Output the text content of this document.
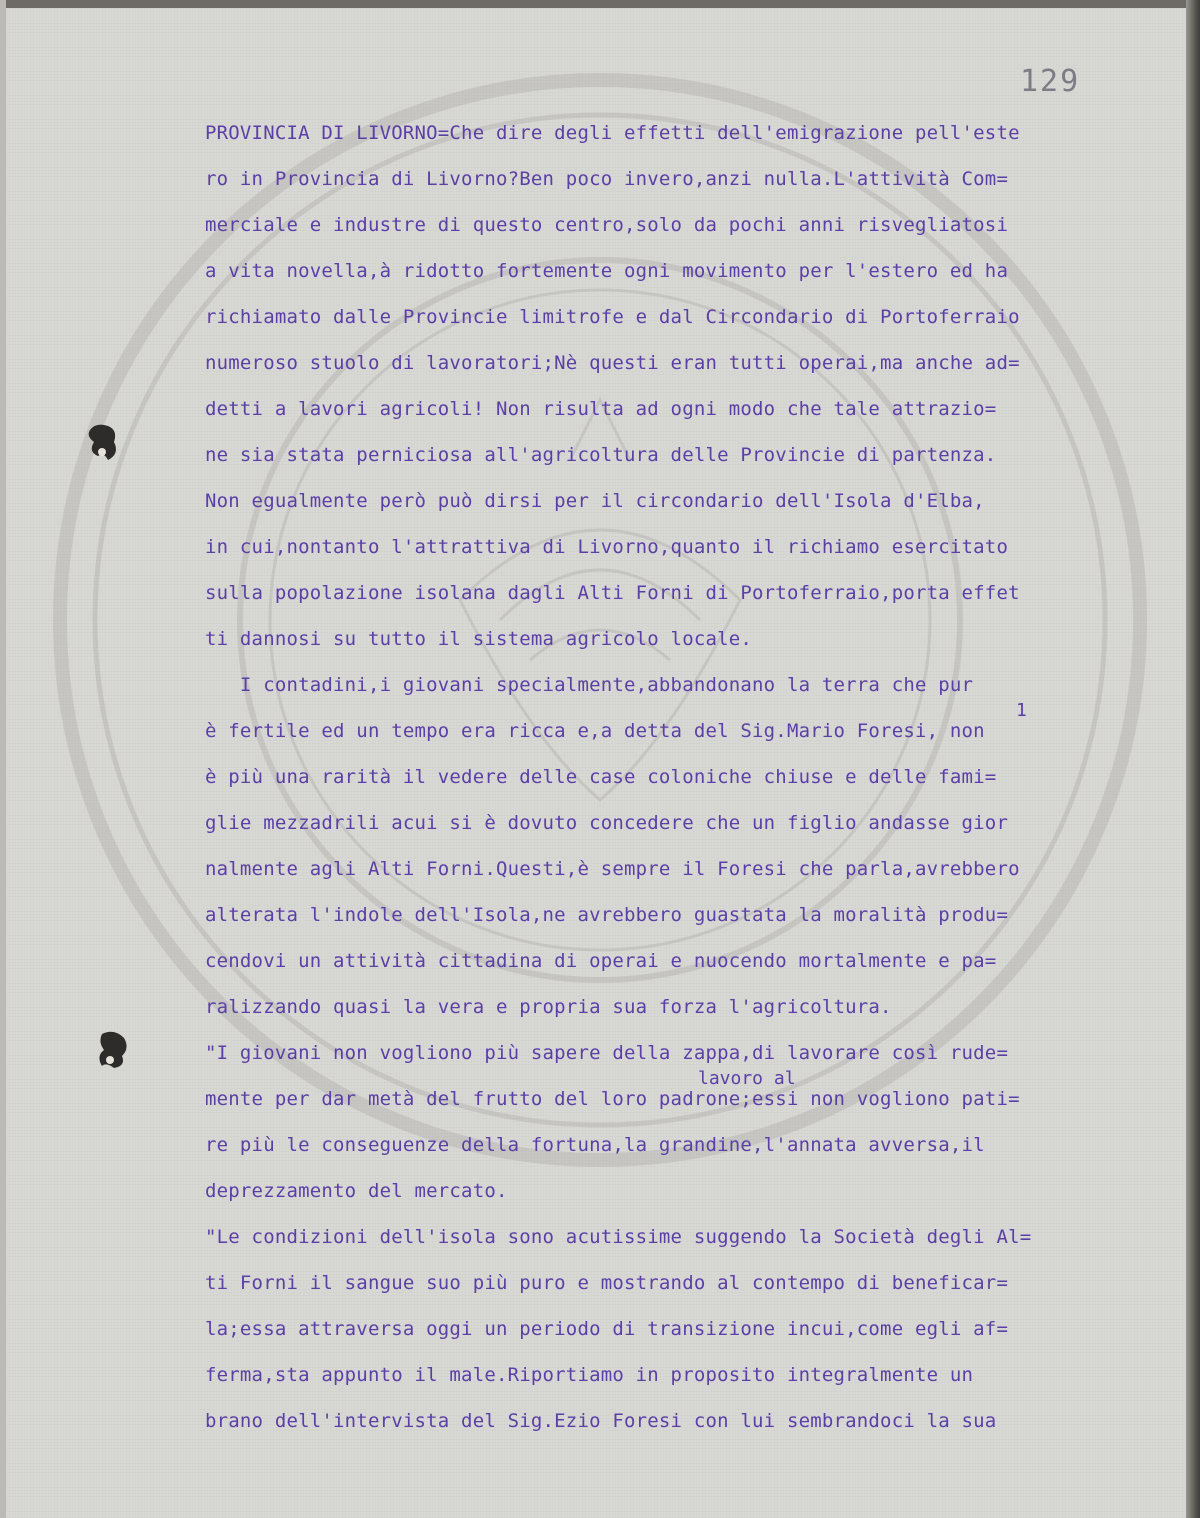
129
PROVINCIA DI LIVORNO=Che dire degli effetti dell'emigrazione pell'este
ro in Provincia di Livorno?Ben poco invero,anzi nulla.L'attività Com=
merciale e industre di questo centro,solo da pochi anni risvegliatosi
a vita novella,à ridotto fortemente ogni movimento per l'estero ed ha
richiamato dalle Provincie limitrofe e dal Circondario di Portoferraio
numeroso stuolo di lavoratori;Nè questi eran tutti operai,ma anche ad=
detti a lavori agricoli! Non risulta ad ogni modo che tale attrazio=
ne sia stata perniciosa all'agricoltura delle Provincie di partenza.
Non egualmente però può dirsi per il circondario dell'Isola d'Elba,
in cui,nontanto l'attrattiva di Livorno,quanto il richiamo esercitato
sulla popolazione isolana dagli Alti Forni di Portoferraio,porta effet
ti dannosi su tutto il sistema agricolo locale.
I contadini,i giovani specialmente,abbandonano la terra che pur
è fertile ed un tempo era ricca e,a detta del Sig.Mario Foresi, non
è più una rarità il vedere delle case coloniche chiuse e delle fami=
glie mezzadrili acui si è dovuto concedere che un figlio andasse gior
nalmente agli Alti Forni.Questi,è sempre il Foresi che parla,avrebbero
alterata l'indole dell'Isola,ne avrebbero guastata la moralità produ=
cendovi un attività cittadina di operai e nuocendo mortalmente e pa=
ralizzando quasi la vera e propria sua forza l'agricoltura.
"I giovani non vogliono più sapere della zappa,di lavorare così rude=
mente per dar metà del frutto del loro padrone;essi non vogliono pati=
re più le conseguenze della fortuna,la grandine,l'annata avversa,il
deprezzamento del mercato.
"Le condizioni dell'isola sono acutissime suggendo la Società degli Al=
ti Forni il sangue suo più puro e mostrando al contempo di beneficar=
la;essa attraversa oggi un periodo di transizione incui,come egli af=
ferma,sta appunto il male.Riportiamo in proposito integralmente un
brano dell'intervista del Sig.Ezio Foresi con lui sembrandoci la sua
1
lavoro al
